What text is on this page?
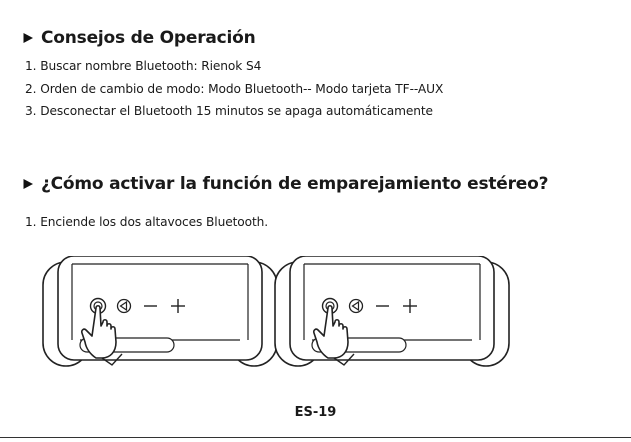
Consejos de Operación
1. Buscar nombre Bluetooth: Rienok S4
2. Orden de cambio de modo: Modo Bluetooth-- Modo tarjeta TF--AUX
3. Desconectar el Bluetooth 15 minutos se apaga automáticamente
¿Cómo activar la función de emparejamiento estéreo?
1. Enciende los dos altavoces Bluetooth.
ES-19
